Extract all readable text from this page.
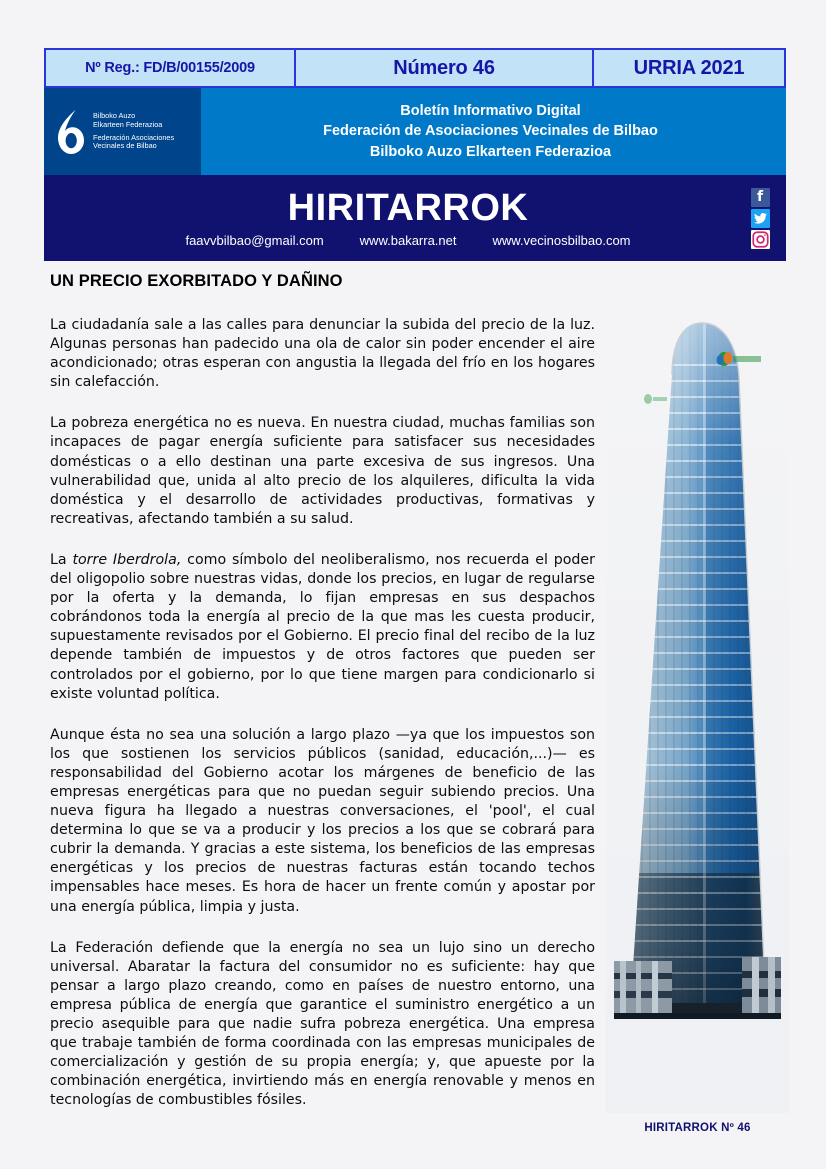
Nº Reg.: FD/B/00155/2009	Número 46	URRIA 2021
Bilboko Auzo
Elkarteen Federazioa
Federación Asociaciones
Vecinales de Bilbao
Boletín Informativo Digital
Federación de Asociaciones Vecinales de Bilbao
Bilboko Auzo Elkarteen Federazioa
HIRITARROK
faavvbilbao@gmail.com	www.bakarra.net	www.vecinosbilbao.com
f
UN PRECIO EXORBITADO Y DAÑINO

La ciudadanía sale a las calles para denunciar la subida del precio de la luz. Algunas personas han padecido una ola de calor sin poder encender el aire acondicionado; otras esperan con angustia la llegada del frío en los hogares sin calefacción.

La pobreza energética no es nueva. En nuestra ciudad, muchas familias son incapaces de pagar energía suficiente para satisfacer sus necesidades domésticas o a ello destinan una parte excesiva de sus ingresos. Una vulnerabilidad que, unida al alto precio de los alquileres, dificulta la vida doméstica y el desarrollo de actividades productivas, formativas y recreativas, afectando también a su salud.

La torre Iberdrola, como símbolo del neoliberalismo, nos recuerda el poder del oligopolio sobre nuestras vidas, donde los precios, en lugar de regularse por la oferta y la demanda, lo fijan empresas en sus despachos cobrándonos toda la energía al precio de la que mas les cuesta producir, supuestamente revisados por el Gobierno. El precio final del recibo de la luz depende también de impuestos y de otros factores que pueden ser controlados por el gobierno, por lo que tiene margen para condicionarlo si existe voluntad política.

Aunque ésta no sea una solución a largo plazo —ya que los impuestos son los que sostienen los servicios públicos (sanidad, educación,...)— es responsabilidad del Gobierno acotar los márgenes de beneficio de las empresas energéticas para que no puedan seguir subiendo precios. Una nueva figura ha llegado a nuestras conversaciones, el 'pool', el cual determina lo que se va a producir y los precios a los que se cobrará para cubrir la demanda. Y gracias a este sistema, los beneficios de las empresas energéticas y los precios de nuestras facturas están tocando techos impensables hace meses. Es hora de hacer un frente común y apostar por una energía pública, limpia y justa.

La Federación defiende que la energía no sea un lujo sino un derecho universal. Abaratar la factura del consumidor no es suficiente: hay que pensar a largo plazo creando, como en países de nuestro entorno, una empresa pública de energía que garantice el suministro energético a un precio asequible para que nadie sufra pobreza energética. Una empresa que trabaje también de forma coordinada con las empresas municipales de comercialización y gestión de su propia energía; y, que apueste por la combinación energética, invirtiendo más en energía renovable y menos en tecnologías de combustibles fósiles.

HIRITARROK Nº 46
